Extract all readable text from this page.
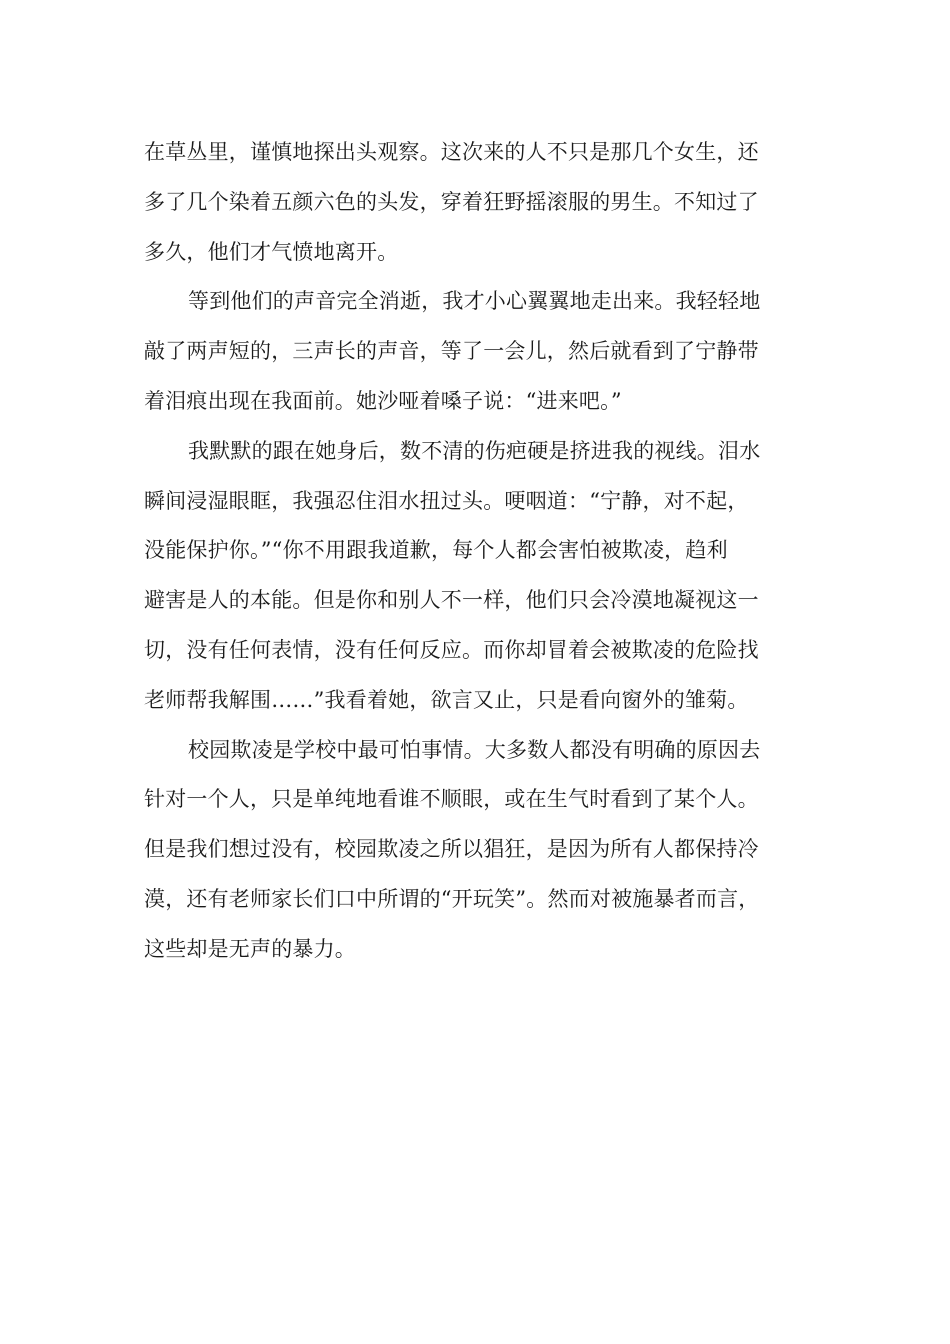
在草丛里，谨慎地探出头观察。这次来的人不只是那几个女生，还
多了几个染着五颜六色的头发，穿着狂野摇滚服的男生。不知过了
多久，他们才气愤地离开。
等到他们的声音完全消逝，我才小心翼翼地走出来。我轻轻地
敲了两声短的，三声长的声音，等了一会儿，然后就看到了宁静带
着泪痕出现在我面前。她沙哑着嗓子说：“进来吧。”
我默默的跟在她身后，数不清的伤疤硬是挤进我的视线。泪水
瞬间浸湿眼眶，我强忍住泪水扭过头。哽咽道：“宁静，对不起，
没能保护你。”“你不用跟我道歉，每个人都会害怕被欺凌，趋利
避害是人的本能。但是你和别人不一样，他们只会冷漠地凝视这一
切，没有任何表情，没有任何反应。而你却冒着会被欺凌的危险找
老师帮我解围……”我看着她，欲言又止，只是看向窗外的雏菊。
校园欺凌是学校中最可怕事情。大多数人都没有明确的原因去
针对一个人，只是单纯地看谁不顺眼，或在生气时看到了某个人。
但是我们想过没有，校园欺凌之所以猖狂，是因为所有人都保持冷
漠，还有老师家长们口中所谓的“开玩笑”。然而对被施暴者而言，
这些却是无声的暴力。
